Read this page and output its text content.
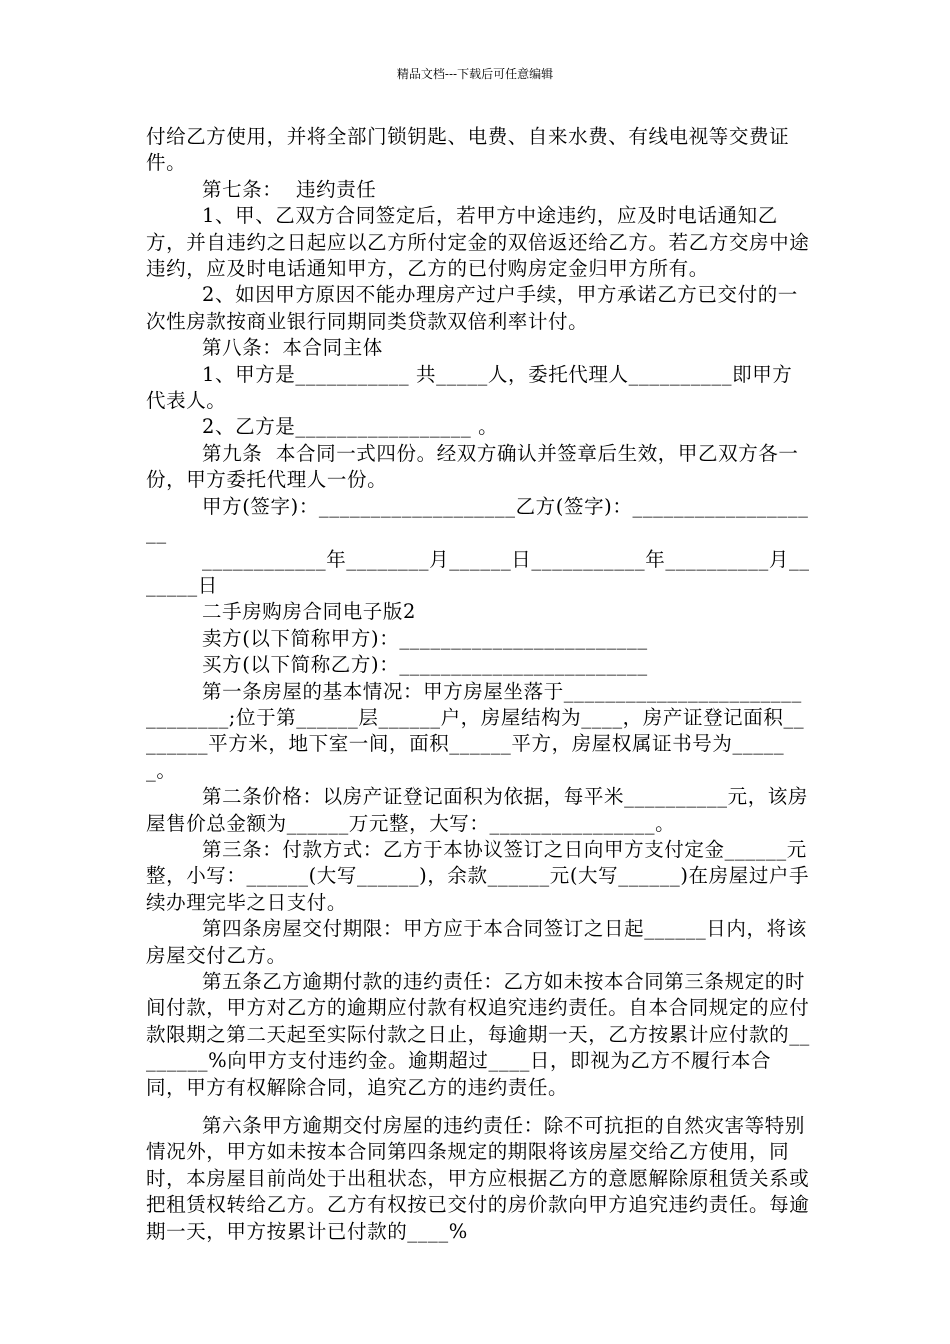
精品文档---下载后可任意编辑

付给乙方使用，并将全部门锁钥匙、电费、自来水费、有线电视等交费证件。

第七条：  违约责任

1、甲、乙双方合同签定后，若甲方中途违约，应及时电话通知乙方，并自违约之日起应以乙方所付定金的双倍返还给乙方。若乙方交房中途违约，应及时电话通知甲方，乙方的已付购房定金归甲方所有。

2、如因甲方原因不能办理房产过户手续，甲方承诺乙方已交付的一次性房款按商业银行同期同类贷款双倍利率计付。

第八条：本合同主体

1、甲方是___________ 共_____人，委托代理人__________即甲方代表人。

2、乙方是_________________ 。

第九条  本合同一式四份。经双方确认并签章后生效，甲乙双方各一份，甲方委托代理人一份。

甲方(签字)：___________________乙方(签字)：___________________

____________年________月______日___________年__________月_______日

二手房购房合同电子版2

卖方(以下简称甲方)：________________________

买方(以下简称乙方)：________________________

第一条房屋的基本情况：甲方房屋坐落于_______________________________;位于第______层______户，房屋结构为____，房产证登记面积________平方米，地下室一间，面积______平方，房屋权属证书号为______。

第二条价格：以房产证登记面积为依据，每平米__________元，该房屋售价总金额为______万元整，大写：________________。

第三条：付款方式：乙方于本协议签订之日向甲方支付定金______元整，小写：______(大写______)，余款______元(大写______)在房屋过户手续办理完毕之日支付。

第四条房屋交付期限：甲方应于本合同签订之日起______日内，将该房屋交付乙方。

第五条乙方逾期付款的违约责任：乙方如未按本合同第三条规定的时间付款，甲方对乙方的逾期应付款有权追究违约责任。自本合同规定的应付款限期之第二天起至实际付款之日止，每逾期一天，乙方按累计应付款的________%向甲方支付违约金。逾期超过____日，即视为乙方不履行本合同，甲方有权解除合同，追究乙方的违约责任。

第六条甲方逾期交付房屋的违约责任：除不可抗拒的自然灾害等特别情况外，甲方如未按本合同第四条规定的期限将该房屋交给乙方使用，同时，本房屋目前尚处于出租状态，甲方应根据乙方的意愿解除原租赁关系或把租赁权转给乙方。乙方有权按已交付的房价款向甲方追究违约责任。每逾期一天，甲方按累计已付款的____%
